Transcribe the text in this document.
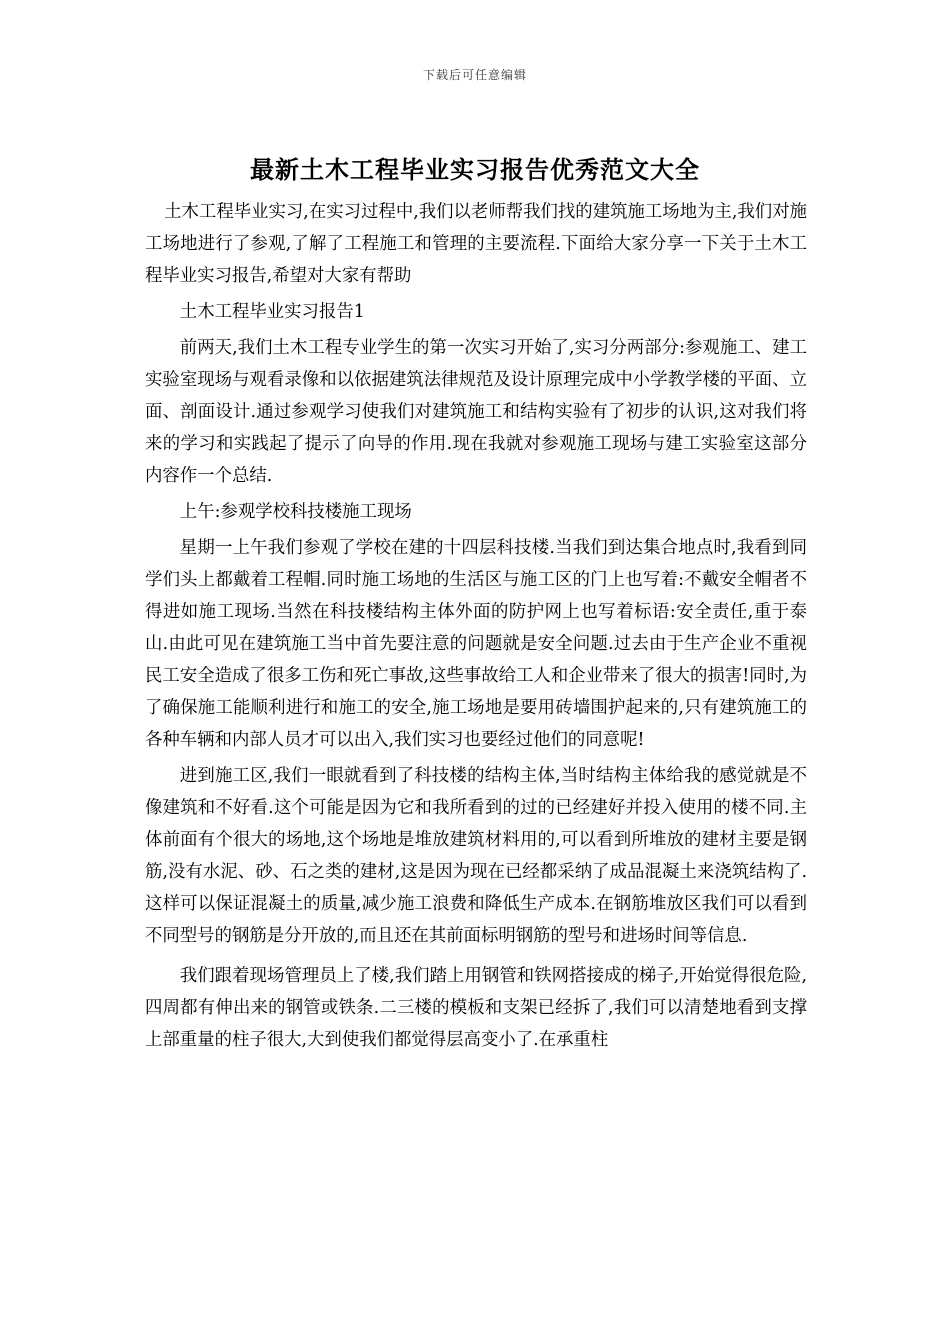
下载后可任意编辑
最新土木工程毕业实习报告优秀范文大全

土木工程毕业实习,在实习过程中,我们以老师帮我们找的建筑施工场地为主,我们对施工场地进行了参观,了解了工程施工和管理的主要流程.下面给大家分享一下关于土木工程毕业实习报告,希望对大家有帮助

土木工程毕业实习报告1

前两天,我们土木工程专业学生的第一次实习开始了,实习分两部分:参观施工、建工实验室现场与观看录像和以依据建筑法律规范及设计原理完成中小学教学楼的平面、立面、剖面设计.通过参观学习使我们对建筑施工和结构实验有了初步的认识,这对我们将来的学习和实践起了提示了向导的作用.现在我就对参观施工现场与建工实验室这部分内容作一个总结.

上午:参观学校科技楼施工现场

星期一上午我们参观了学校在建的十四层科技楼.当我们到达集合地点时,我看到同学们头上都戴着工程帽.同时施工场地的生活区与施工区的门上也写着:不戴安全帽者不得进如施工现场.当然在科技楼结构主体外面的防护网上也写着标语:安全责任,重于泰山.由此可见在建筑施工当中首先要注意的问题就是安全问题.过去由于生产企业不重视民工安全造成了很多工伤和死亡事故,这些事故给工人和企业带来了很大的损害!同时,为了确保施工能顺利进行和施工的安全,施工场地是要用砖墙围护起来的,只有建筑施工的各种车辆和内部人员才可以出入,我们实习也要经过他们的同意呢!

进到施工区,我们一眼就看到了科技楼的结构主体,当时结构主体给我的感觉就是不像建筑和不好看.这个可能是因为它和我所看到的过的已经建好并投入使用的楼不同.主体前面有个很大的场地,这个场地是堆放建筑材料用的,可以看到所堆放的建材主要是钢筋,没有水泥、砂、石之类的建材,这是因为现在已经都采纳了成品混凝土来浇筑结构了.这样可以保证混凝土的质量,减少施工浪费和降低生产成本.在钢筋堆放区我们可以看到不同型号的钢筋是分开放的,而且还在其前面标明钢筋的型号和进场时间等信息.

我们跟着现场管理员上了楼,我们踏上用钢管和铁网搭接成的梯子,开始觉得很危险,四周都有伸出来的钢管或铁条.二三楼的模板和支架已经拆了,我们可以清楚地看到支撑上部重量的柱子很大,大到使我们都觉得层高变小了.在承重柱
